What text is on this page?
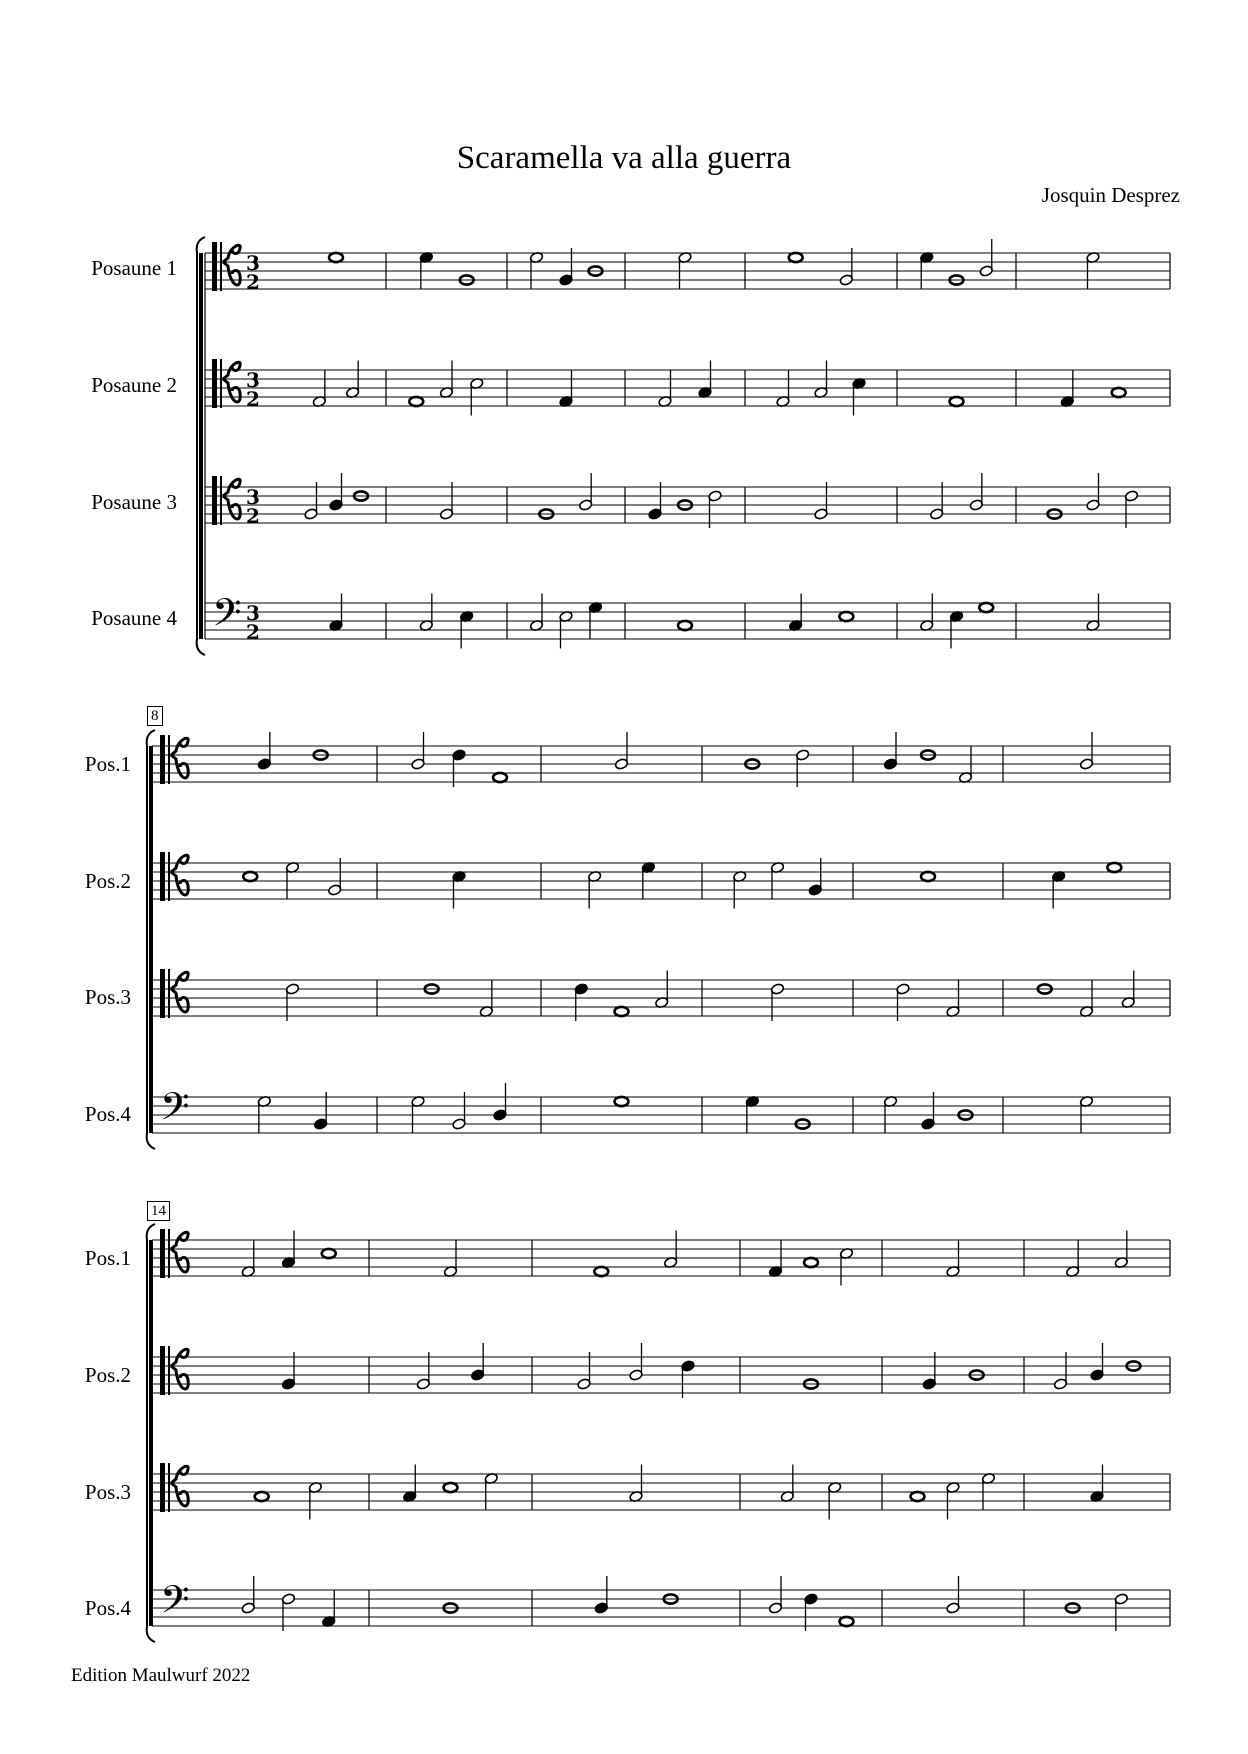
Scaramella va alla guerra
Josquin Desprez
Posaune 1
Posaune 2
Posaune 3
Posaune 4
8
Pos.1
Pos.2
Pos.3
Pos.4
14
Pos.1
Pos.2
Pos.3
Pos.4
3
2
3
2
3
2
𝄢 3
2
𝄢
𝄢
Edition Maulwurf 2022
